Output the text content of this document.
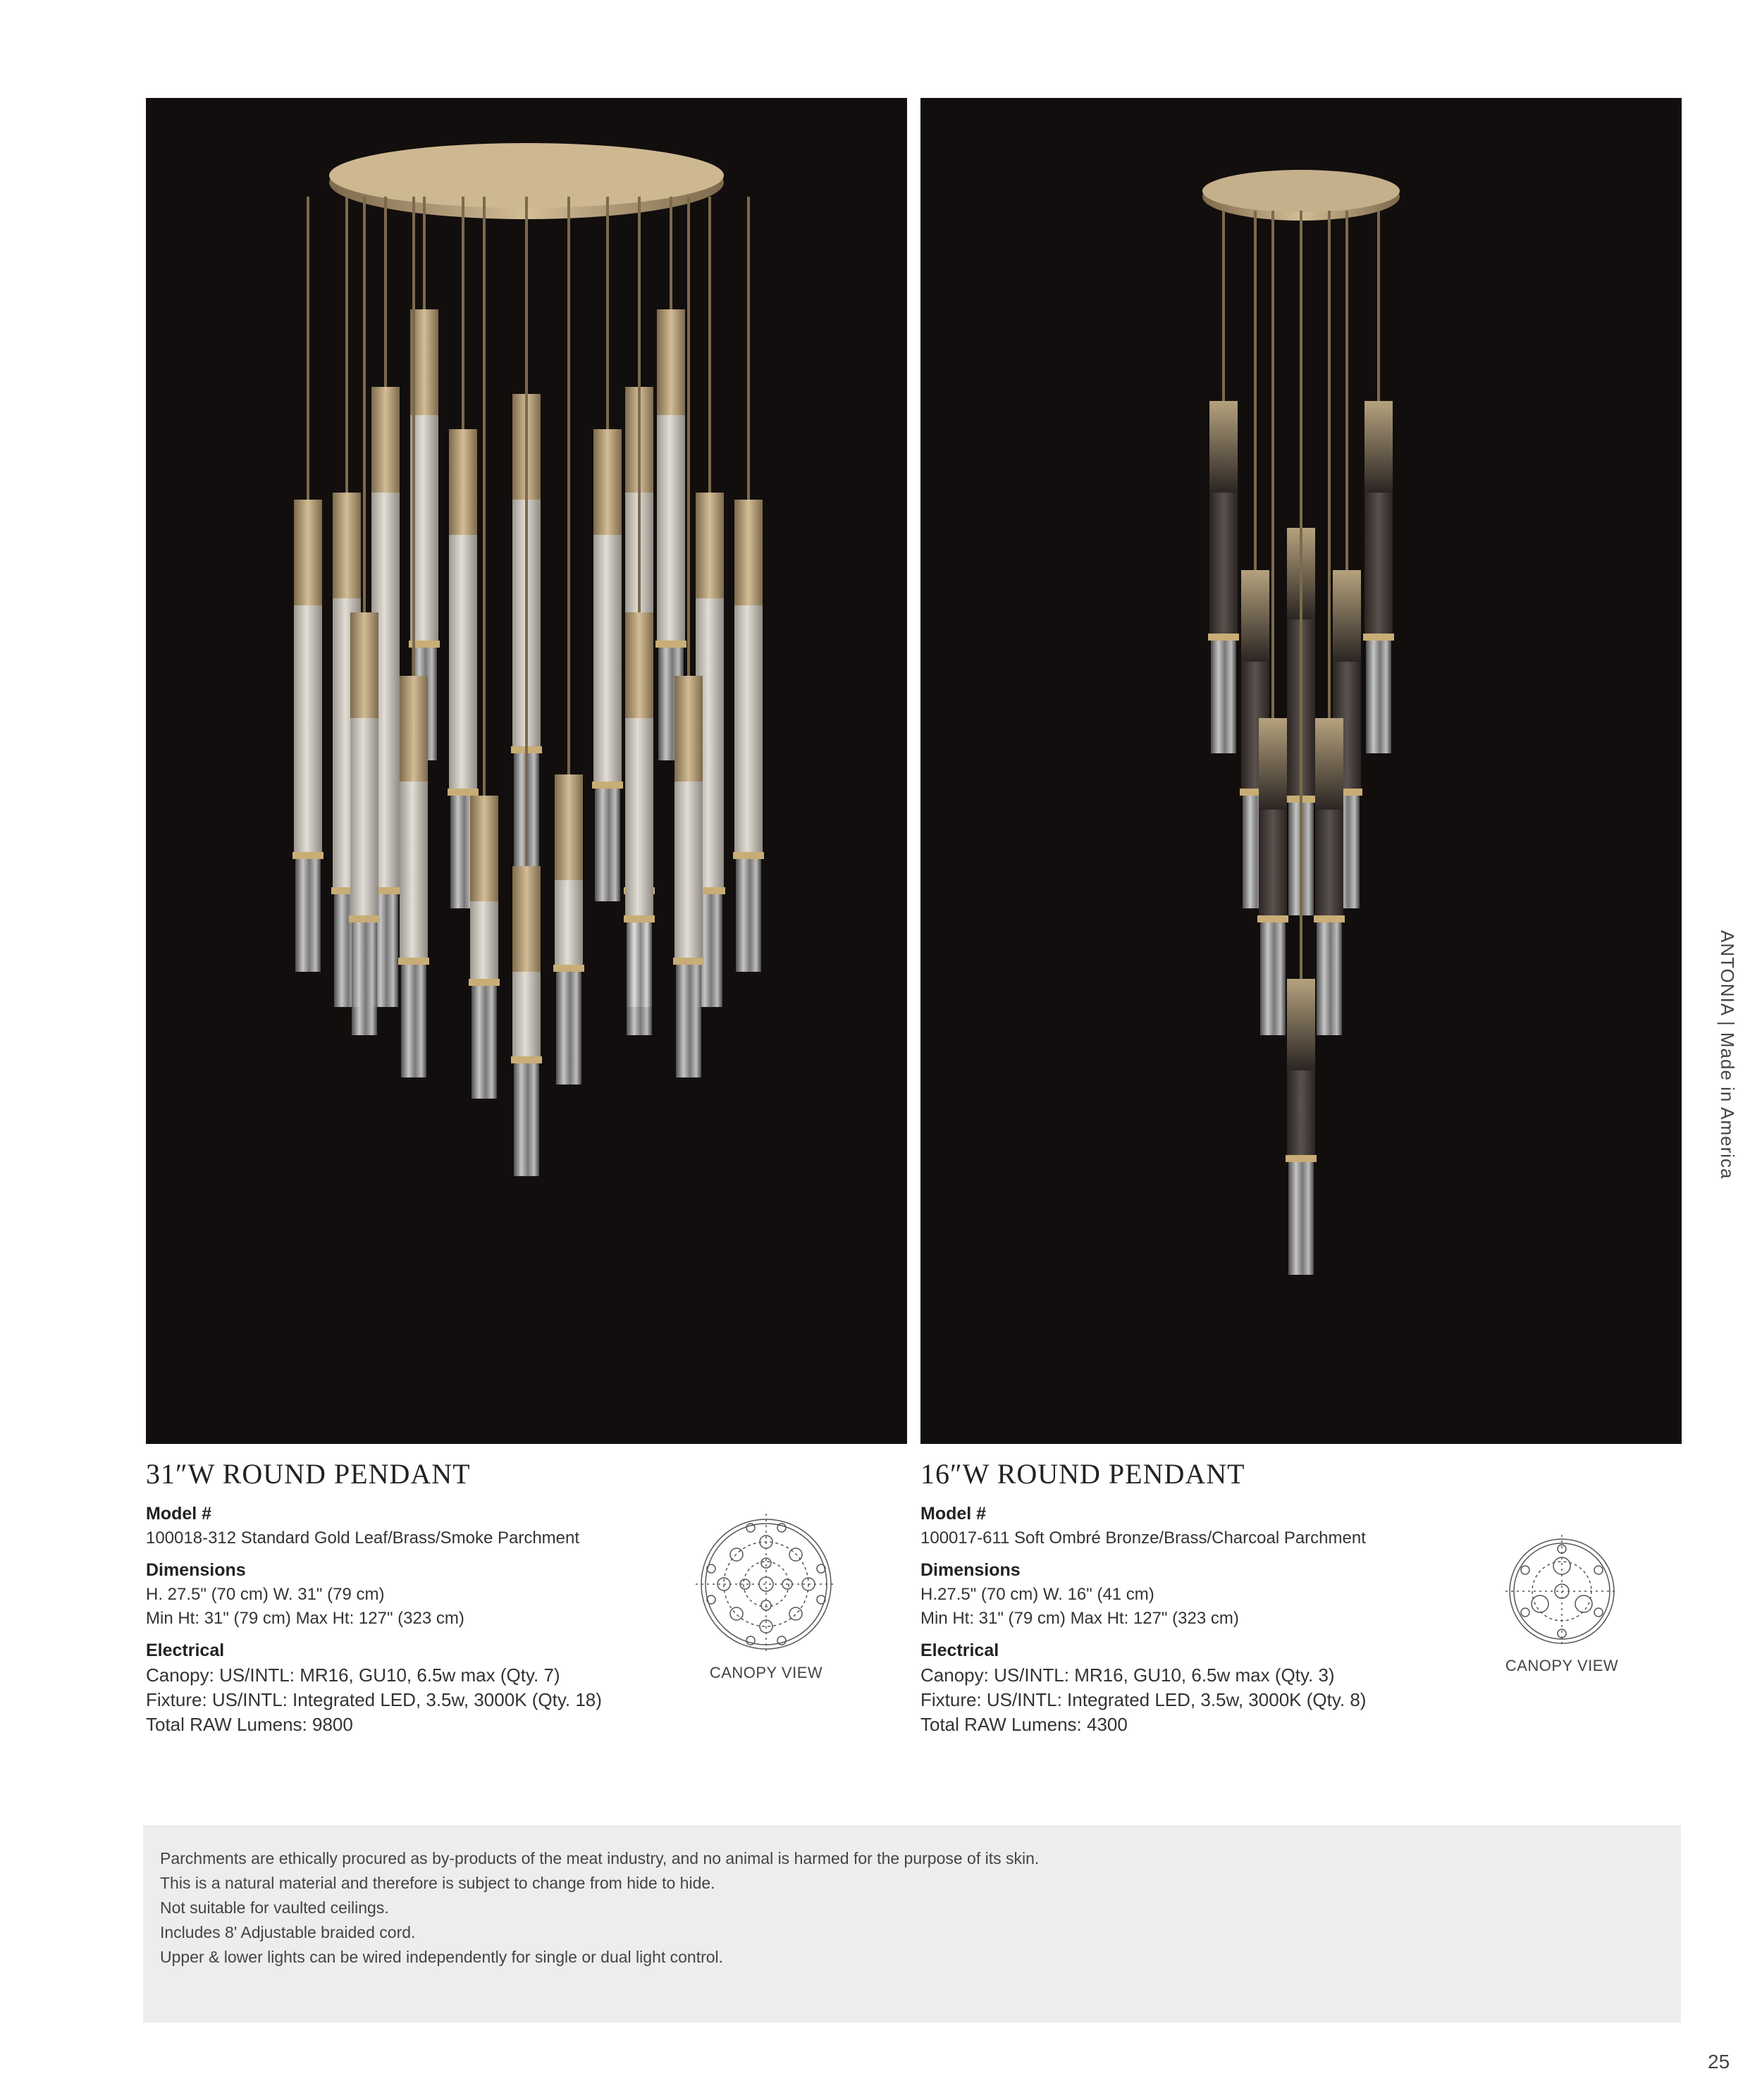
ANTONIA | Made in America
31″W ROUND PENDANT
Model #
100018-312 Standard Gold Leaf/Brass/Smoke Parchment
Dimensions
H. 27.5" (70 cm) W. 31" (79 cm)
Min Ht: 31" (79 cm) Max Ht: 127" (323 cm)
Electrical
Canopy: US/INTL: MR16, GU10, 6.5w max (Qty. 7)
Fixture: US/INTL: Integrated LED, 3.5w, 3000K (Qty. 18)
Total RAW Lumens: 9800
CANOPY VIEW
16″W ROUND PENDANT
Model #
100017-611 Soft Ombré Bronze/Brass/Charcoal Parchment
Dimensions
H.27.5" (70 cm) W. 16" (41 cm)
Min Ht: 31" (79 cm) Max Ht: 127" (323 cm)
Electrical
Canopy: US/INTL: MR16, GU10, 6.5w max (Qty. 3)
Fixture: US/INTL: Integrated LED, 3.5w, 3000K (Qty. 8)
Total RAW Lumens: 4300
CANOPY VIEW
Parchments are ethically procured as by-products of the meat industry, and no animal is harmed for the purpose of its skin.
This is a natural material and therefore is subject to change from hide to hide.
Not suitable for vaulted ceilings.
Includes 8' Adjustable braided cord.
Upper & lower lights can be wired independently for single or dual light control.
25
